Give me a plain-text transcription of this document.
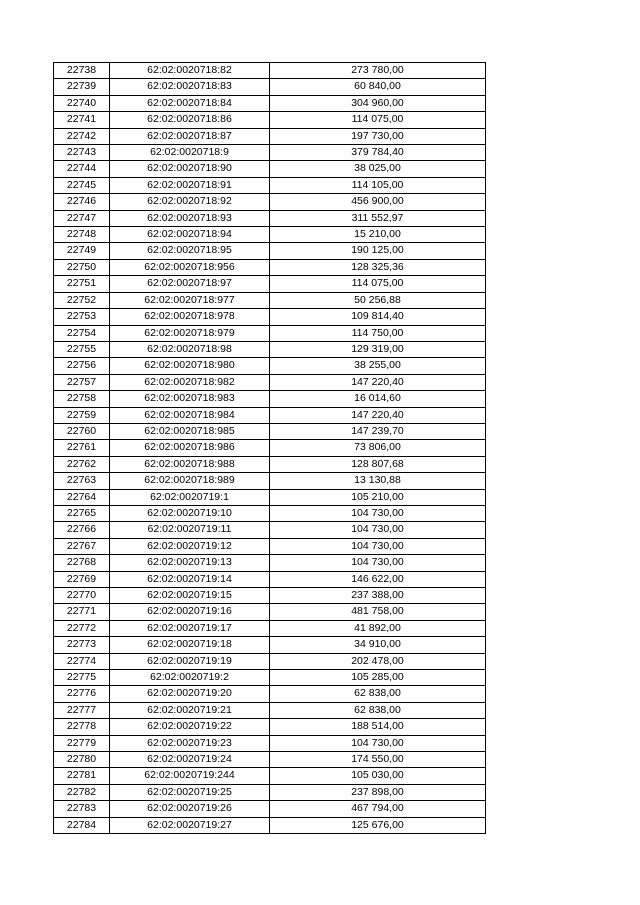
22738	62:02:0020718:82	273 780,00
22739	62:02:0020718:83	60 840,00
22740	62:02:0020718:84	304 960,00
22741	62:02:0020718:86	114 075,00
22742	62:02:0020718:87	197 730,00
22743	62:02:0020718:9	379 784,40
22744	62:02:0020718:90	38 025,00
22745	62:02:0020718:91	114 105,00
22746	62:02:0020718:92	456 900,00
22747	62:02:0020718:93	311 552,97
22748	62:02:0020718:94	15 210,00
22749	62:02:0020718:95	190 125,00
22750	62:02:0020718:956	128 325,36
22751	62:02:0020718:97	114 075,00
22752	62:02:0020718:977	50 256,88
22753	62:02:0020718:978	109 814,40
22754	62:02:0020718:979	114 750,00
22755	62:02:0020718:98	129 319,00
22756	62:02:0020718:980	38 255,00
22757	62:02:0020718:982	147 220,40
22758	62:02:0020718:983	16 014,60
22759	62:02:0020718:984	147 220,40
22760	62:02:0020718:985	147 239,70
22761	62:02:0020718:986	73 806,00
22762	62:02:0020718:988	128 807,68
22763	62:02:0020718:989	13 130,88
22764	62:02:0020719:1	105 210,00
22765	62:02:0020719:10	104 730,00
22766	62:02:0020719:11	104 730,00
22767	62:02:0020719:12	104 730,00
22768	62:02:0020719:13	104 730,00
22769	62:02:0020719:14	146 622,00
22770	62:02:0020719:15	237 388,00
22771	62:02:0020719:16	481 758,00
22772	62:02:0020719:17	41 892,00
22773	62:02:0020719:18	34 910,00
22774	62:02:0020719:19	202 478,00
22775	62:02:0020719:2	105 285,00
22776	62:02:0020719:20	62 838,00
22777	62:02:0020719:21	62 838,00
22778	62:02:0020719:22	188 514,00
22779	62:02:0020719:23	104 730,00
22780	62:02:0020719:24	174 550,00
22781	62:02:0020719:244	105 030,00
22782	62:02:0020719:25	237 898,00
22783	62:02:0020719:26	467 794,00
22784	62:02:0020719:27	125 676,00
